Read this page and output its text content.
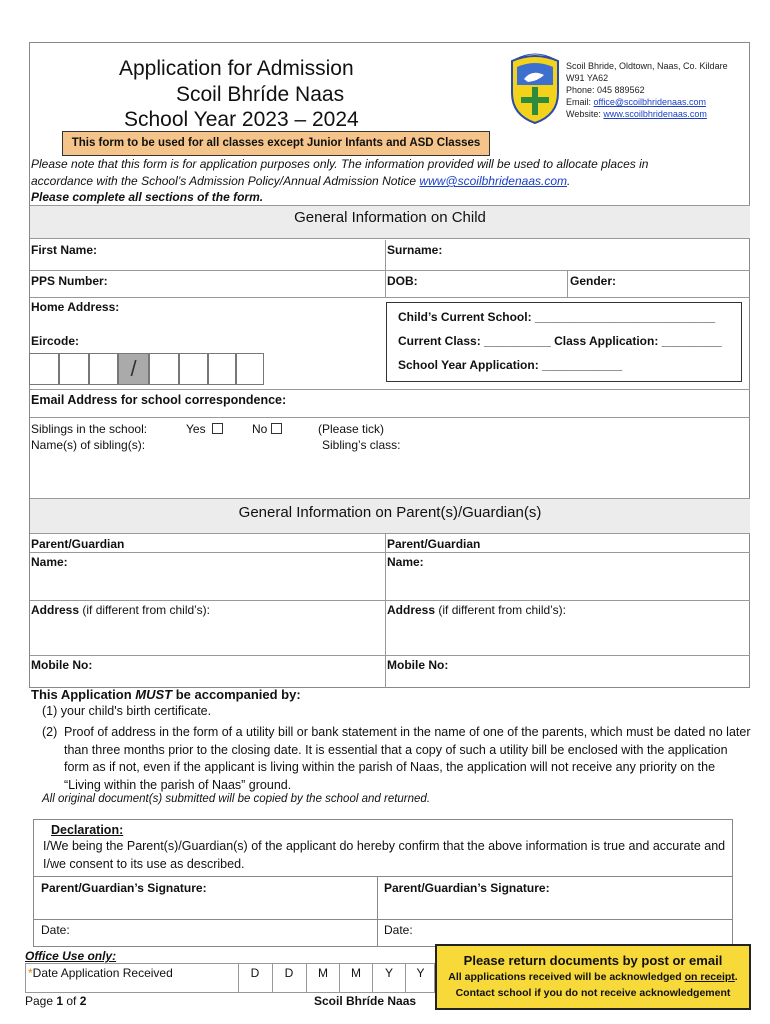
Application for Admission
Scoil Bhríde Naas
School Year 2023 – 2024
This form to be used for all classes except Junior Infants and ASD Classes
Scoil Bhride, Oldtown, Naas, Co. Kildare
W91 YA62
Phone: 045 889562
Email: office@scoilbhridenaas.com
Website: www.scoilbhridenaas.com
Please note that this form is for application purposes only. The information provided will be used to allocate places in
accordance with the School’s Admission Policy/Annual Admission Notice www@scoilbhridenaas.com.
Please complete all sections of the form.
General Information on Child
First Name:	Surname:
PPS Number:	DOB:	Gender:
Home Address:
Eircode:
/
Child’s Current School: ___________________________
Current Class: __________ Class Application: _________
School Year Application: ____________
Email Address for school correspondence:
Siblings in the school:	Yes	No	(Please tick)
Name(s) of sibling(s):	Sibling’s class:
General Information on Parent(s)/Guardian(s)
Parent/Guardian	Parent/Guardian
Name:	Name:
Address (if different from child’s):	Address (if different from child’s):
Mobile No:	Mobile No:
This Application MUST be accompanied by:
(1) your child's birth certificate.
(2) Proof of address in the form of a utility bill or bank statement in the name of one of the parents, which must be dated no later than three months prior to the closing date. It is essential that a copy of such a utility bill be enclosed with the application form as if not, even if the applicant is living within the parish of Naas, the application will not receive any priority on the “Living within the parish of Naas” ground.
All original document(s) submitted will be copied by the school and returned.
Declaration:
I/We being the Parent(s)/Guardian(s) of the applicant do hereby confirm that the above information is true and accurate and I/we consent to its use as described.
Parent/Guardian’s Signature:	Parent/Guardian’s Signature:
Date:	Date:
Office Use only:
*Date Application Received	D	D	M	M	Y	Y
Please return documents by post or email
All applications received will be acknowledged on receipt.
Contact school if you do not receive acknowledgement
Page 1 of 2	Scoil Bhríde Naas
